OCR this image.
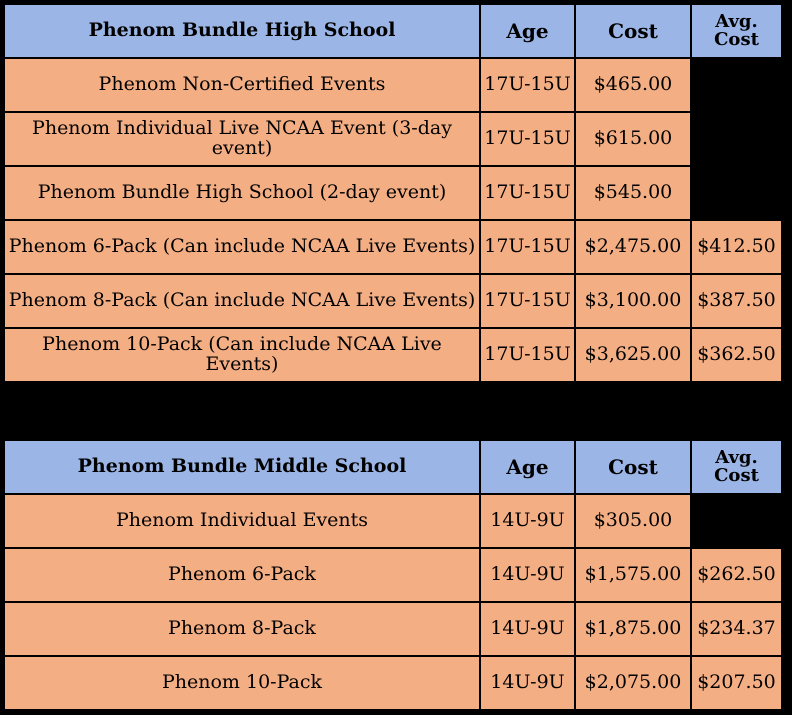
Phenom Bundle High School	Age	Cost	Avg. Cost
Phenom Non-Certified Events	17U-15U	$465.00	
Phenom Individual Live NCAA Event (3-day event)	17U-15U	$615.00	
Phenom Bundle High School (2-day event)	17U-15U	$545.00	
Phenom 6-Pack (Can include NCAA Live Events)	17U-15U	$2,475.00	$412.50
Phenom 8-Pack (Can include NCAA Live Events)	17U-15U	$3,100.00	$387.50
Phenom 10-Pack (Can include NCAA Live Events)	17U-15U	$3,625.00	$362.50
Phenom Bundle Middle School	Age	Cost	Avg. Cost
Phenom Individual Events	14U-9U	$305.00	
Phenom 6-Pack	14U-9U	$1,575.00	$262.50
Phenom 8-Pack	14U-9U	$1,875.00	$234.37
Phenom 10-Pack	14U-9U	$2,075.00	$207.50
